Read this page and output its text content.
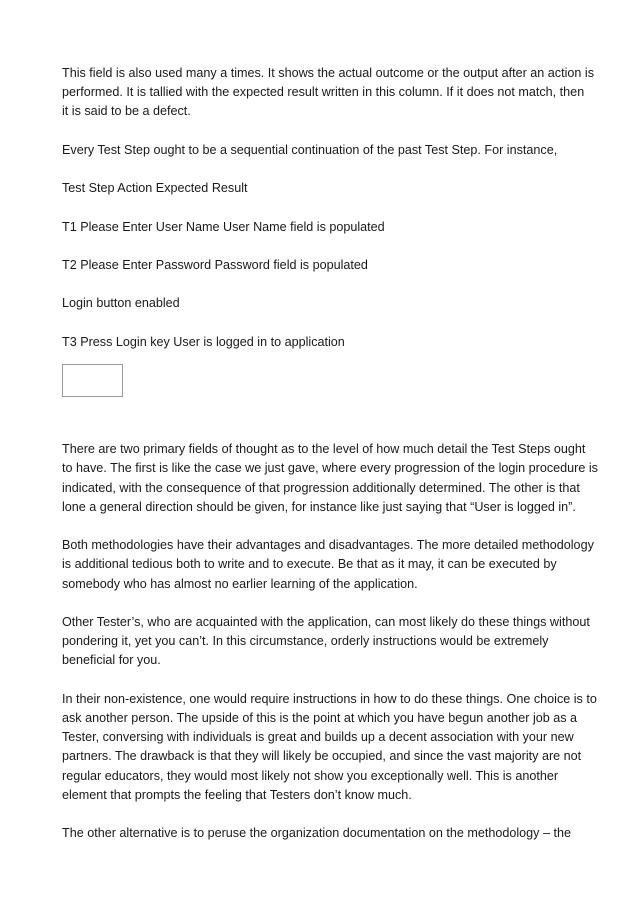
This field is also used many a times. It shows the actual outcome or the output after an action is
performed. It is tallied with the expected result written in this column. If it does not match, then
it is said to be a defect.

Every Test Step ought to be a sequential continuation of the past Test Step. For instance,

Test Step Action Expected Result

T1 Please Enter User Name User Name field is populated

T2 Please Enter Password Password field is populated

Login button enabled

T3 Press Login key User is logged in to application

There are two primary fields of thought as to the level of how much detail the Test Steps ought
to have. The first is like the case we just gave, where every progression of the login procedure is
indicated, with the consequence of that progression additionally determined. The other is that
lone a general direction should be given, for instance like just saying that “User is logged in”.

Both methodologies have their advantages and disadvantages. The more detailed methodology
is additional tedious both to write and to execute. Be that as it may, it can be executed by
somebody who has almost no earlier learning of the application.

Other Tester’s, who are acquainted with the application, can most likely do these things without
pondering it, yet you can’t. In this circumstance, orderly instructions would be extremely
beneficial for you.

In their non-existence, one would require instructions in how to do these things. One choice is to
ask another person. The upside of this is the point at which you have begun another job as a
Tester, conversing with individuals is great and builds up a decent association with your new
partners. The drawback is that they will likely be occupied, and since the vast majority are not
regular educators, they would most likely not show you exceptionally well. This is another
element that prompts the feeling that Testers don’t know much.

The other alternative is to peruse the organization documentation on the methodology – the
